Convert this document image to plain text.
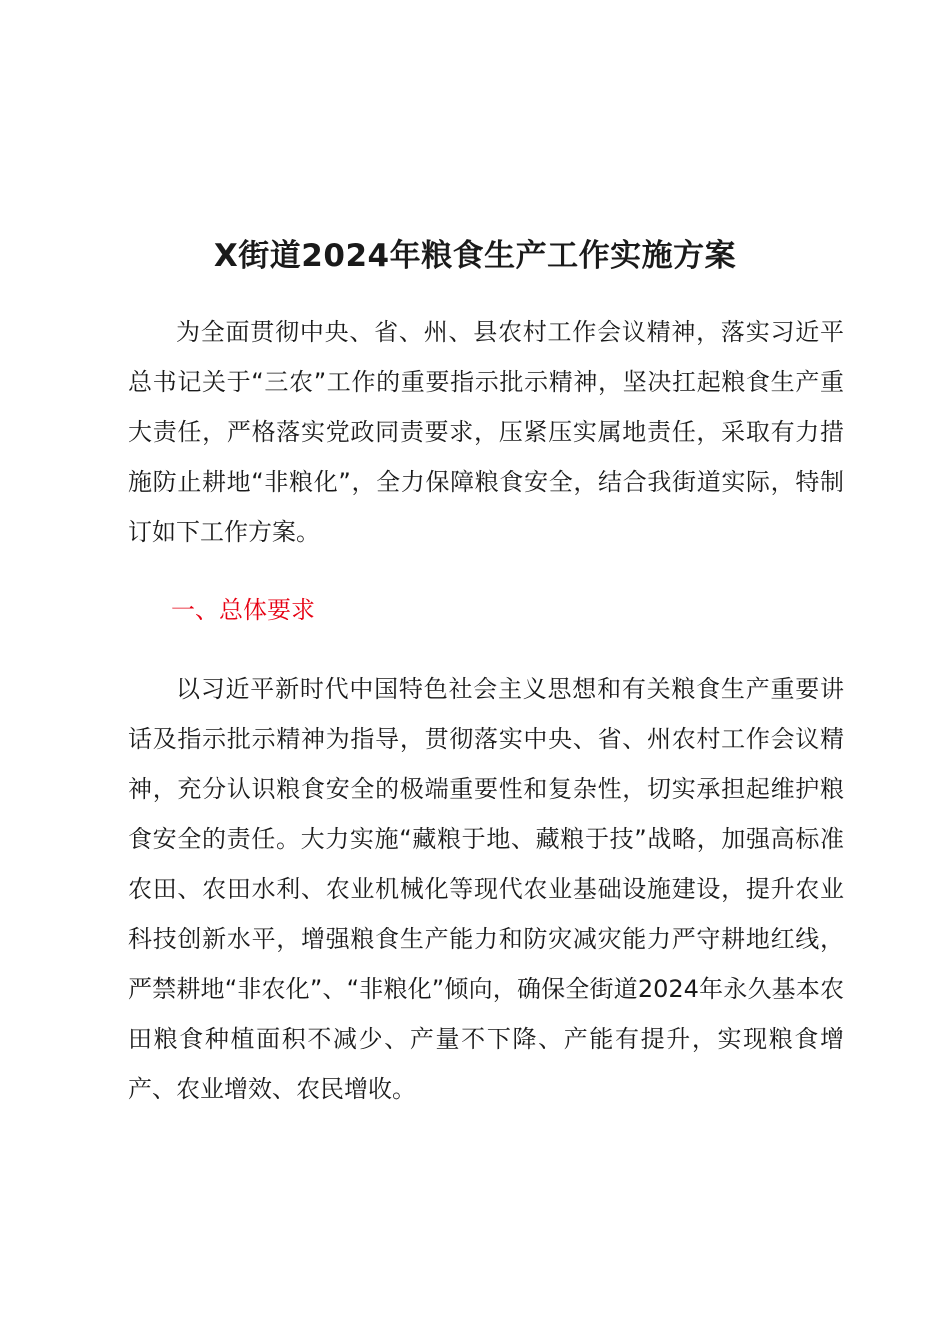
X街道2024年粮食生产工作实施方案

为全面贯彻中央、省、州、县农村工作会议精神，落实习近平总书记关于“三农”工作的重要指示批示精神，坚决扛起粮食生产重大责任，严格落实党政同责要求，压紧压实属地责任，采取有力措施防止耕地“非粮化”，全力保障粮食安全，结合我街道实际，特制订如下工作方案。

一、总体要求

以习近平新时代中国特色社会主义思想和有关粮食生产重要讲话及指示批示精神为指导，贯彻落实中央、省、州农村工作会议精神，充分认识粮食安全的极端重要性和复杂性，切实承担起维护粮食安全的责任。大力实施“藏粮于地、藏粮于技”战略，加强高标准农田、农田水利、农业机械化等现代农业基础设施建设，提升农业科技创新水平，增强粮食生产能力和防灾减灾能力严守耕地红线，严禁耕地“非农化”、“非粮化”倾向，确保全街道2024年永久基本农田粮食种植面积不减少、产量不下降、产能有提升，实现粮食增产、农业增效、农民增收。
